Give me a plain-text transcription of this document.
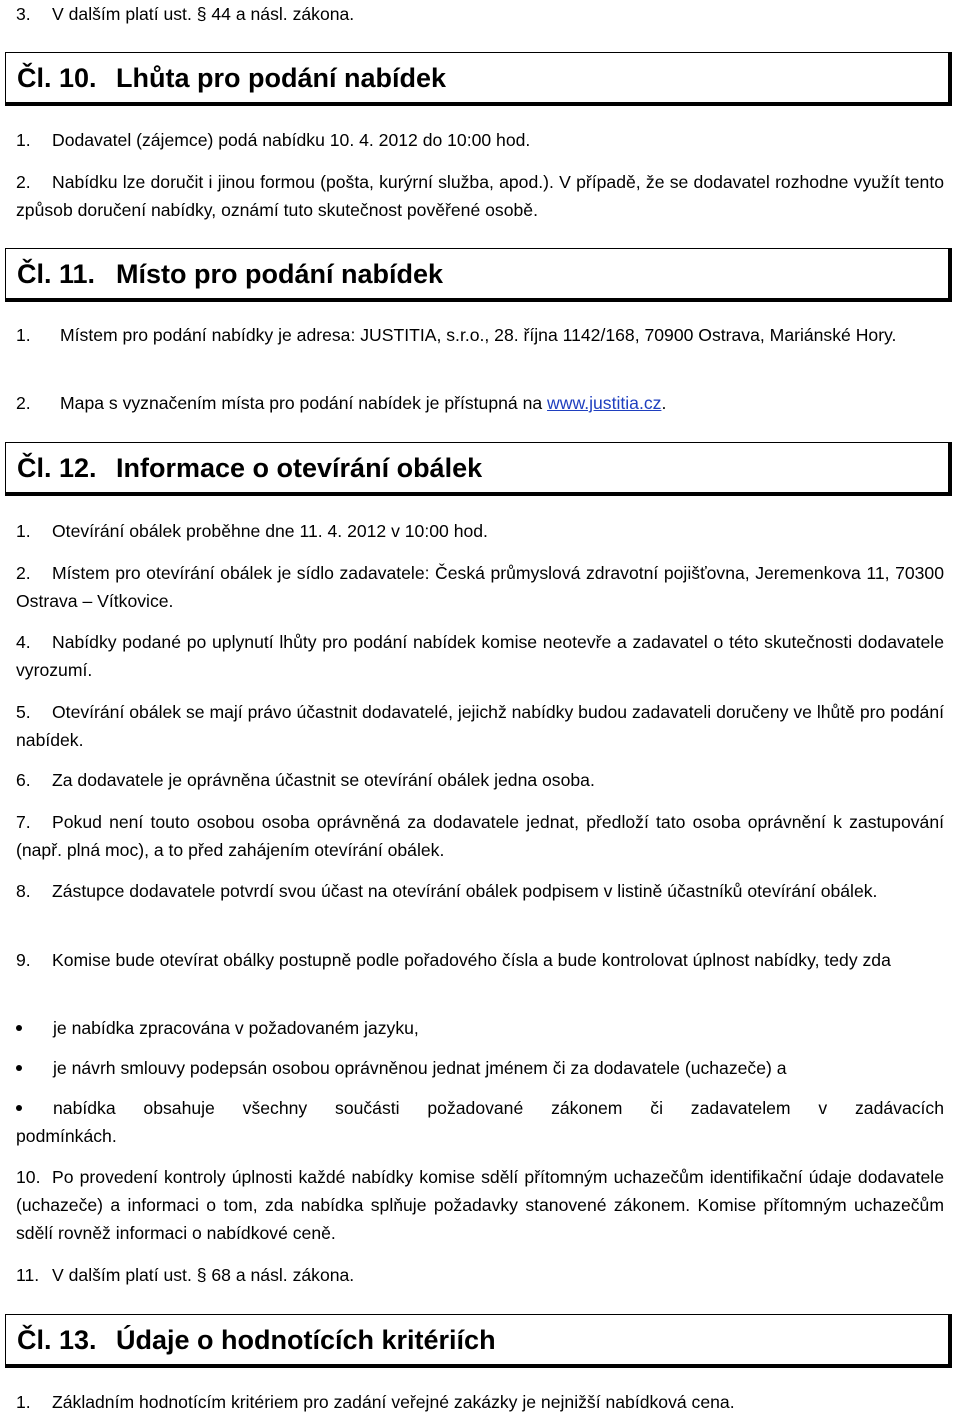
3. V dalším platí ust. § 44 a násl. zákona.

Čl. 10. Lhůta pro podání nabídek

1. Dodavatel (zájemce) podá nabídku 10. 4. 2012 do 10:00 hod.

2. Nabídku lze doručit i jinou formou (pošta, kurýrní služba, apod.). V případě, že se dodavatel rozhodne využít tento způsob doručení nabídky, oznámí tuto skutečnost pověřené osobě.

Čl. 11. Místo pro podání nabídek

1. Místem pro podání nabídky je adresa: JUSTITIA, s.r.o., 28. října 1142/168, 70900 Ostrava, Mariánské Hory.

2. Mapa s vyznačením místa pro podání nabídek je přístupná na www.justitia.cz.

Čl. 12. Informace o otevírání obálek

1. Otevírání obálek proběhne dne 11. 4. 2012 v 10:00 hod.

2. Místem pro otevírání obálek je sídlo zadavatele: Česká průmyslová zdravotní pojišťovna, Jeremenkova 11, 70300 Ostrava – Vítkovice.

4. Nabídky podané po uplynutí lhůty pro podání nabídek komise neotevře a zadavatel o této skutečnosti dodavatele vyrozumí.

5. Otevírání obálek se mají právo účastnit dodavatelé, jejichž nabídky budou zadavateli doručeny ve lhůtě pro podání nabídek.

6. Za dodavatele je oprávněna účastnit se otevírání obálek jedna osoba.

7. Pokud není touto osobou osoba oprávněná za dodavatele jednat, předloží tato osoba oprávnění k zastupování (např. plná moc), a to před zahájením otevírání obálek.

8. Zástupce dodavatele potvrdí svou účast na otevírání obálek podpisem v listině účastníků otevírání obálek.

9. Komise bude otevírat obálky postupně podle pořadového čísla a bude kontrolovat úplnost nabídky, tedy zda

je nabídka zpracována v požadovaném jazyku,

je návrh smlouvy podepsán osobou oprávněnou jednat jménem či za dodavatele (uchazeče) a

nabídka obsahuje všechny součásti požadované zákonem či zadavatelem v zadávacích

podmínkách.

10. Po provedení kontroly úplnosti každé nabídky komise sdělí přítomným uchazečům identifikační údaje dodavatele (uchazeče) a informaci o tom, zda nabídka splňuje požadavky stanovené zákonem. Komise přítomným uchazečům sdělí rovněž informaci o nabídkové ceně.

11. V dalším platí ust. § 68 a násl. zákona.

Čl. 13. Údaje o hodnotících kritériích

1. Základním hodnotícím kritériem pro zadání veřejné zakázky je nejnižší nabídková cena.
